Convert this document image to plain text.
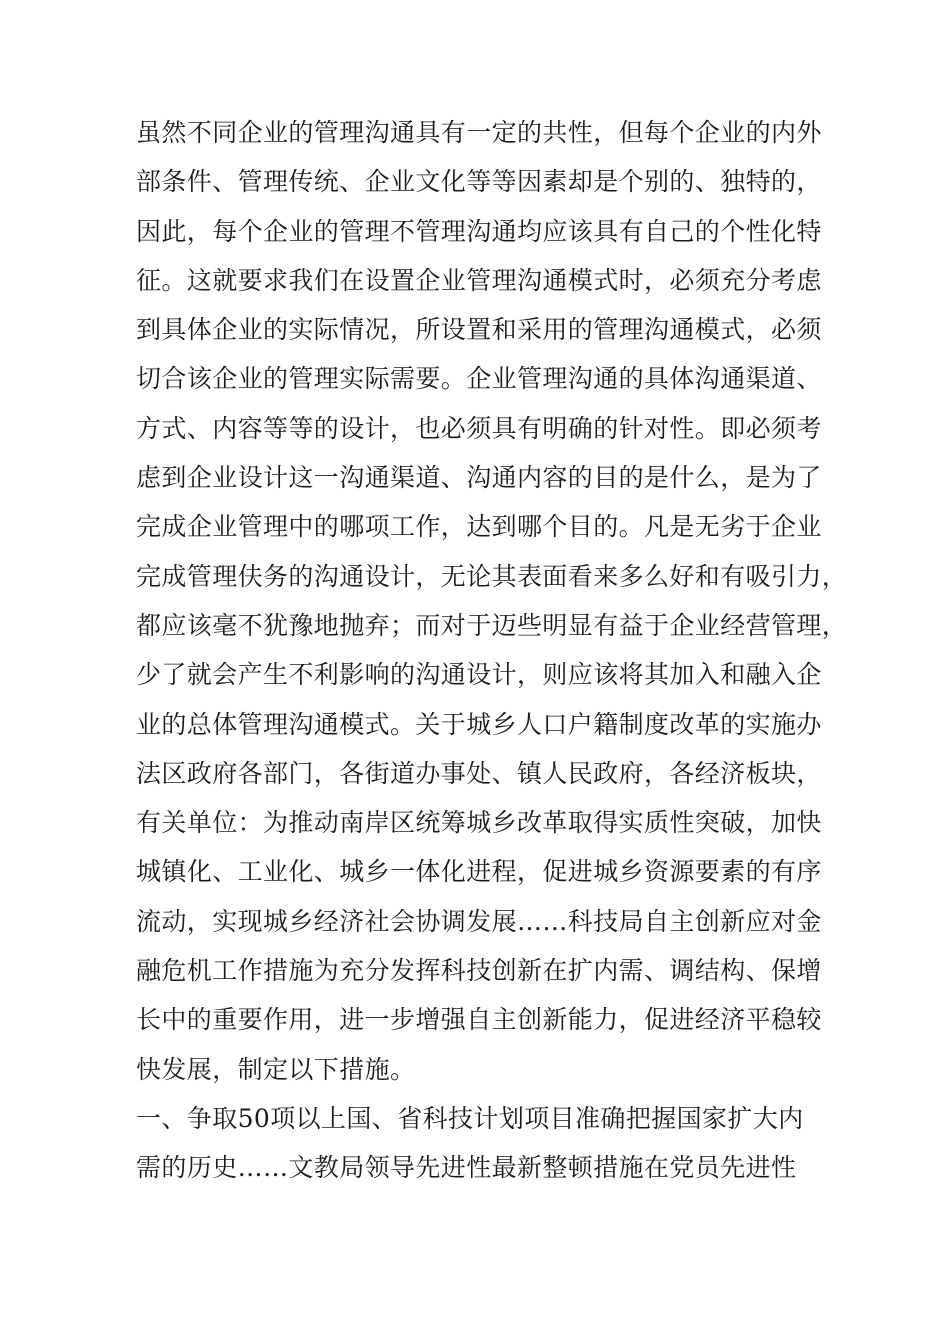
虽然不同企业的管理沟通具有一定的共性，但每个企业的内外
部条件、管理传统、企业文化等等因素却是个别的、独特的，
因此，每个企业的管理不管理沟通均应该具有自己的个性化特
征。这就要求我们在设置企业管理沟通模式时，必须充分考虑
到具体企业的实际情况，所设置和采用的管理沟通模式，必须
切合该企业的管理实际需要。企业管理沟通的具体沟通渠道、
方式、内容等等的设计，也必须具有明确的针对性。即必须考
虑到企业设计这一沟通渠道、沟通内容的目的是什么，是为了
完成企业管理中的哪项工作，达到哪个目的。凡是无劣于企业
完成管理伕务的沟通设计，无论其表面看来多么好和有吸引力，
都应该毫不犹豫地抛弃；而对于迈些明显有益于企业经营管理，
少了就会产生不利影响的沟通设计，则应该将其加入和融入企
业的总体管理沟通模式。关于城乡人口户籍制度改革的实施办
法区政府各部门，各街道办事处、镇人民政府，各经济板块，
有关单位：为推动南岸区统筹城乡改革取得实质性突破，加快
城镇化、工业化、城乡一体化进程，促进城乡资源要素的有序
流动，实现城乡经济社会协调发展……科技局自主创新应对金
融危机工作措施为充分发挥科技创新在扩内需、调结构、保增
长中的重要作用，进一步增强自主创新能力，促进经济平稳较
快发展，制定以下措施。
一、争取50项以上国、省科技计划项目准确把握国家扩大内
需的历史……文教局领导先进性最新整顿措施在党员先进性
